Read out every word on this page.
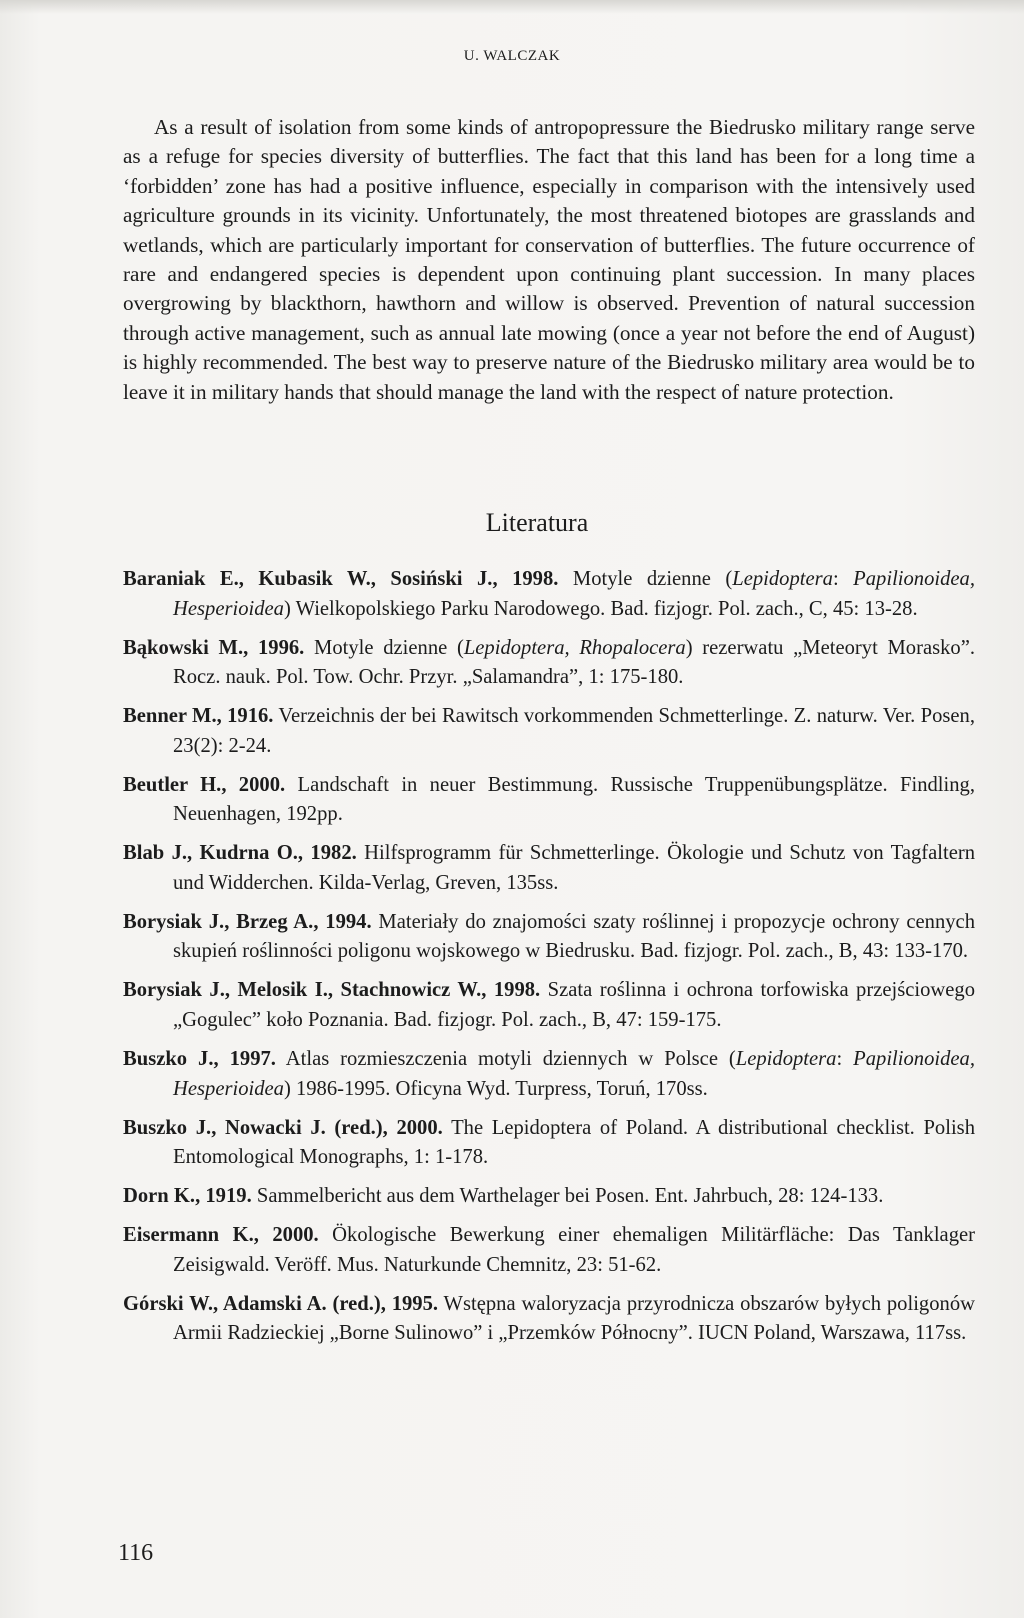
U. WALCZAK

As a result of isolation from some kinds of antropopressure the Biedrusko military range serve as a refuge for species diversity of butterflies. The fact that this land has been for a long time a ‘forbidden’ zone has had a positive influence, especially in comparison with the intensively used agriculture grounds in its vicinity. Unfortunately, the most threatened biotopes are grasslands and wetlands, which are particularly important for conservation of butterflies. The future occurrence of rare and endangered species is dependent upon continuing plant succession. In many places overgrowing by blackthorn, hawthorn and willow is observed. Prevention of natural succession through active management, such as annual late mowing (once a year not before the end of August) is highly recommended. The best way to preserve nature of the Biedrusko military area would be to leave it in military hands that should manage the land with the respect of nature protection.

Literatura
Baraniak E., Kubasik W., Sosiński J., 1998. Motyle dzienne (Lepidoptera: Papilionoidea, Hesperioidea) Wielkopolskiego Parku Narodowego. Bad. fizjogr. Pol. zach., C, 45: 13-28.
Bąkowski M., 1996. Motyle dzienne (Lepidoptera, Rhopalocera) rezerwatu „Meteoryt Morasko”. Rocz. nauk. Pol. Tow. Ochr. Przyr. „Salamandra”, 1: 175-180.
Benner M., 1916. Verzeichnis der bei Rawitsch vorkommenden Schmetterlinge. Z. naturw. Ver. Posen, 23(2): 2-24.
Beutler H., 2000. Landschaft in neuer Bestimmung. Russische Truppenübungsplätze. Findling, Neuenhagen, 192pp.
Blab J., Kudrna O., 1982. Hilfsprogramm für Schmetterlinge. Ökologie und Schutz von Tagfaltern und Widderchen. Kilda-Verlag, Greven, 135ss.
Borysiak J., Brzeg A., 1994. Materiały do znajomości szaty roślinnej i propozycje ochrony cennych skupień roślinności poligonu wojskowego w Biedrusku. Bad. fizjogr. Pol. zach., B, 43: 133-170.
Borysiak J., Melosik I., Stachnowicz W., 1998. Szata roślinna i ochrona torfowiska przejściowego „Gogulec” koło Poznania. Bad. fizjogr. Pol. zach., B, 47: 159-175.
Buszko J., 1997. Atlas rozmieszczenia motyli dziennych w Polsce (Lepidoptera: Papilionoidea, Hesperioidea) 1986-1995. Oficyna Wyd. Turpress, Toruń, 170ss.
Buszko J., Nowacki J. (red.), 2000. The Lepidoptera of Poland. A distributional checklist. Polish Entomological Monographs, 1: 1-178.
Dorn K., 1919. Sammelbericht aus dem Warthelager bei Posen. Ent. Jahrbuch, 28: 124-133.
Eisermann K., 2000. Ökologische Bewerkung einer ehemaligen Militärfläche: Das Tanklager Zeisigwald. Veröff. Mus. Naturkunde Chemnitz, 23: 51-62.
Górski W., Adamski A. (red.), 1995. Wstępna waloryzacja przyrodnicza obszarów byłych poligonów Armii Radzieckiej „Borne Sulinowo” i „Przemków Północny”. IUCN Poland, Warszawa, 117ss.
116
